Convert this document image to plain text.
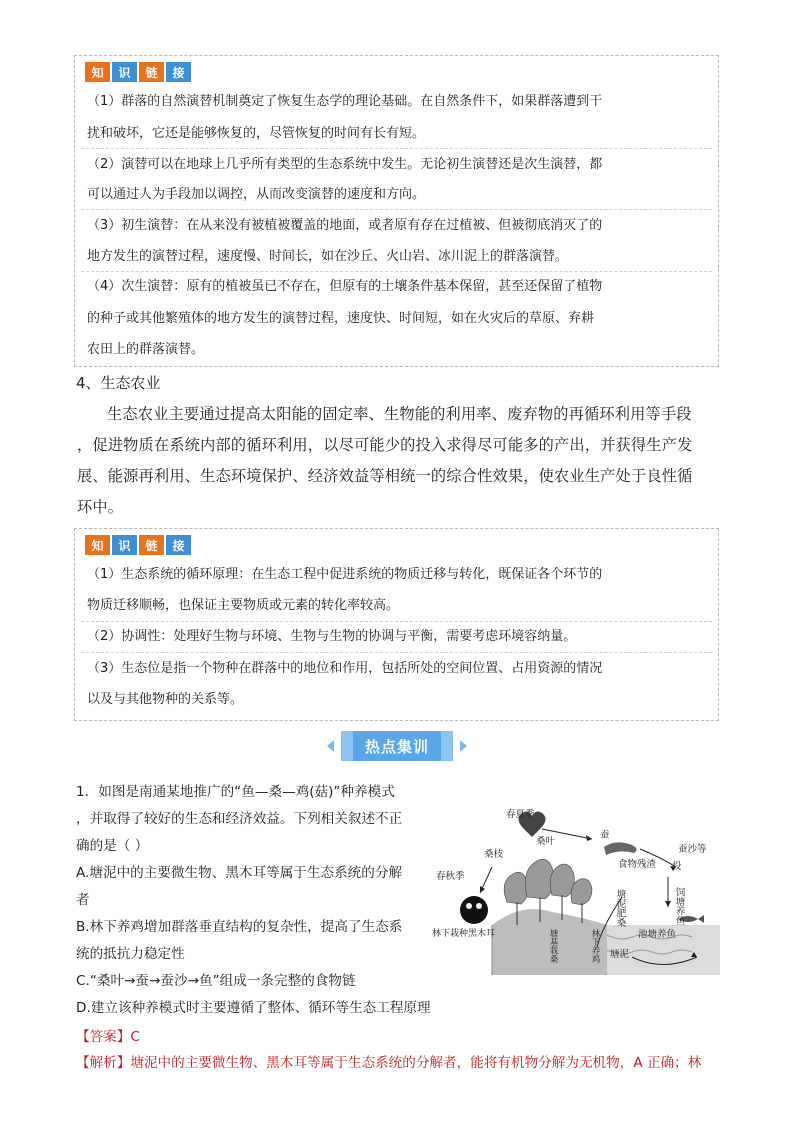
知	识	链	接
（1）群落的自然演替机制奠定了恢复生态学的理论基础。在自然条件下，如果群落遭到干
扰和破坏，它还是能够恢复的，尽管恢复的时间有长有短。
（2）演替可以在地球上几乎所有类型的生态系统中发生。无论初生演替还是次生演替，都
可以通过人为手段加以调控，从而改变演替的速度和方向。
（3）初生演替：在从来没有被植被覆盖的地面，或者原有存在过植被、但被彻底消灭了的
地方发生的演替过程，速度慢、时间长，如在沙丘、火山岩、冰川泥上的群落演替。
（4）次生演替：原有的植被虽已不存在，但原有的土壤条件基本保留，甚至还保留了植物
的种子或其他繁殖体的地方发生的演替过程，速度快、时间短，如在火灾后的草原、弃耕
农田上的群落演替。
4、生态农业
生态农业主要通过提高太阳能的固定率、生物能的利用率、废弃物的再循环利用等手段
，促进物质在系统内部的循环利用，以尽可能少的投入求得尽可能多的产出，并获得生产发
展、能源再利用、生态环境保护、经济效益等相统一的综合性效果，使农业生产处于良性循
环中。
知	识	链	接
（1）生态系统的循环原理：在生态工程中促进系统的物质迁移与转化，既保证各个环节的
物质迁移顺畅，也保证主要物质或元素的转化率较高。
（2）协调性：处理好生物与环境、生物与生物的协调与平衡，需要考虑环境容纳量。
（3）生态位是指一个物种在群落中的地位和作用，包括所处的空间位置、占用资源的情况
以及与其他物种的关系等。
热点集训
1．如图是南通某地推广的“鱼—桑—鸡(菇)”种养模式
，并取得了较好的生态和经济效益。下列相关叙述不正
确的是（ ）
A.塘泥中的主要微生物、黑木耳等属于生态系统的分解
者
B.林下养鸡增加群落垂直结构的复杂性，提高了生态系
统的抵抗力稳定性
C.“桑叶→蚕→蚕沙→鱼”组成一条完整的食物链
D.建立该种养模式时主要遵循了整体、循环等生态工程原理
【答案】C
【解析】塘泥中的主要微生物、黑木耳等属于生态系统的分解者，能将有机物分解为无机物，A 正确；林
春夏季
桑叶
蚕
桑枝
食物残渣
蚕沙等
春秋季
投
饲塘养鱼
塘泥肥桑
林下栽种黑木耳	塘基栽桑	林下养鸡	池塘养鱼
塘泥
